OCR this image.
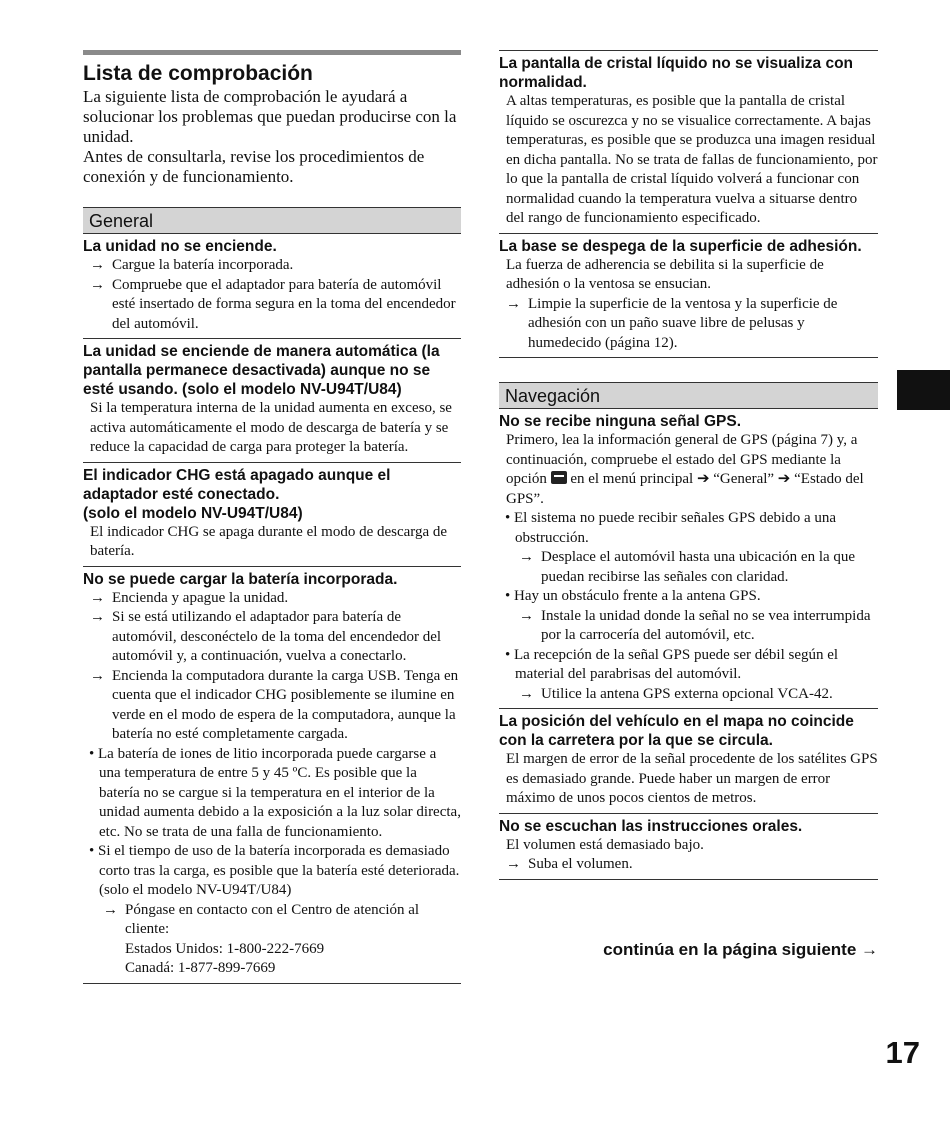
Lista de comprobación

La siguiente lista de comprobación le ayudará a solucionar los problemas que puedan producirse con la unidad.

Antes de consultarla, revise los procedimientos de conexión y de funcionamiento.

General

La unidad no se enciende.

→ Cargue la batería incorporada.

→ Compruebe que el adaptador para batería de automóvil esté insertado de forma segura en la toma del encendedor del automóvil.

La unidad se enciende de manera automática (la pantalla permanece desactivada) aunque no se esté usando. (solo el modelo NV-U94T/U84)

Si la temperatura interna de la unidad aumenta en exceso, se activa automáticamente el modo de descarga de batería y se reduce la capacidad de carga para proteger la batería.

El indicador CHG está apagado aunque el adaptador esté conectado.

(solo el modelo NV-U94T/U84)

El indicador CHG se apaga durante el modo de descarga de batería.

No se puede cargar la batería incorporada.

→ Encienda y apague la unidad.

→ Si se está utilizando el adaptador para batería de automóvil, desconéctelo de la toma del encendedor del automóvil y, a continuación, vuelva a conectarlo.

→ Encienda la computadora durante la carga USB. Tenga en cuenta que el indicador CHG posiblemente se ilumine en verde en el modo de espera de la computadora, aunque la batería no esté completamente cargada.

• La batería de iones de litio incorporada puede cargarse a una temperatura de entre 5 y 45 ºC. Es posible que la batería no se cargue si la temperatura en el interior de la unidad aumenta debido a la exposición a la luz solar directa, etc. No se trata de una falla de funcionamiento.

• Si el tiempo de uso de la batería incorporada es demasiado corto tras la carga, es posible que la batería esté deteriorada.

(solo el modelo NV-U94T/U84)

→ Póngase en contacto con el Centro de atención al cliente:

Estados Unidos: 1-800-222-7669

Canadá: 1-877-899-7669

La pantalla de cristal líquido no se visualiza con normalidad.

A altas temperaturas, es posible que la pantalla de cristal líquido se oscurezca y no se visualice correctamente. A bajas temperaturas, es posible que se produzca una imagen residual en dicha pantalla. No se trata de fallas de funcionamiento, por lo que la pantalla de cristal líquido volverá a funcionar con normalidad cuando la temperatura vuelva a situarse dentro del rango de funcionamiento especificado.

La base se despega de la superficie de adhesión.

La fuerza de adherencia se debilita si la superficie de adhesión o la ventosa se ensucian.

→ Limpie la superficie de la ventosa y la superficie de adhesión con un paño suave libre de pelusas y humedecido (página 12).

Navegación

No se recibe ninguna señal GPS.

Primero, lea la información general de GPS (página 7) y, a continuación, compruebe el estado del GPS mediante la opción en el menú principal ➔ “General” ➔ “Estado del GPS”.

• El sistema no puede recibir señales GPS debido a una obstrucción.

→ Desplace el automóvil hasta una ubicación en la que puedan recibirse las señales con claridad.

• Hay un obstáculo frente a la antena GPS.

→ Instale la unidad donde la señal no se vea interrumpida por la carrocería del automóvil, etc.

• La recepción de la señal GPS puede ser débil según el material del parabrisas del automóvil.

→ Utilice la antena GPS externa opcional VCA-42.

La posición del vehículo en el mapa no coincide con la carretera por la que se circula.

El margen de error de la señal procedente de los satélites GPS es demasiado grande. Puede haber un margen de error máximo de unos pocos cientos de metros.

No se escuchan las instrucciones orales.

El volumen está demasiado bajo.

→ Suba el volumen.

continúa en la página siguiente →
17
